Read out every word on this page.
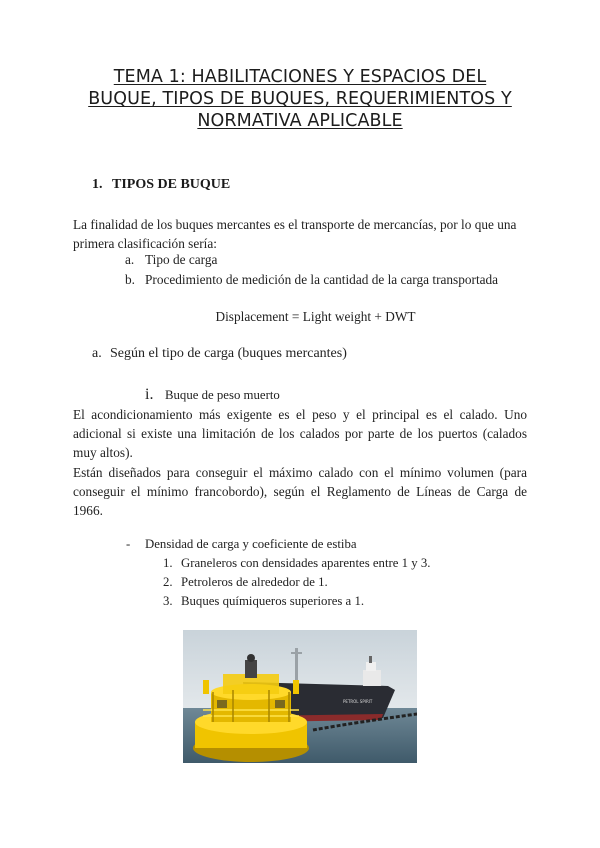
TEMA 1: HABILITACIONES Y ESPACIOS DEL
BUQUE, TIPOS DE BUQUES, REQUERIMIENTOS Y
NORMATIVA APLICABLE
1. TIPOS DE BUQUE
La finalidad de los buques mercantes es el transporte de mercancías, por lo que una primera clasificación sería:
a. Tipo de carga
b. Procedimiento de medición de la cantidad de la carga transportada
Displacement = Light weight + DWT
a. Según el tipo de carga (buques mercantes)
i. Buque de peso muerto
El acondicionamiento más exigente es el peso y el principal es el calado. Uno adicional si existe una limitación de los calados por parte de los puertos (calados muy altos).
Están diseñados para conseguir el máximo calado con el mínimo volumen (para conseguir el mínimo francobordo), según el Reglamento de Líneas de Carga de 1966.
- Densidad de carga y coeficiente de estiba
1. Graneleros con densidades aparentes entre 1 y 3.
2. Petroleros de alrededor de 1.
3. Buques químiqueros superiores a 1.
PETROL SPIRIT
